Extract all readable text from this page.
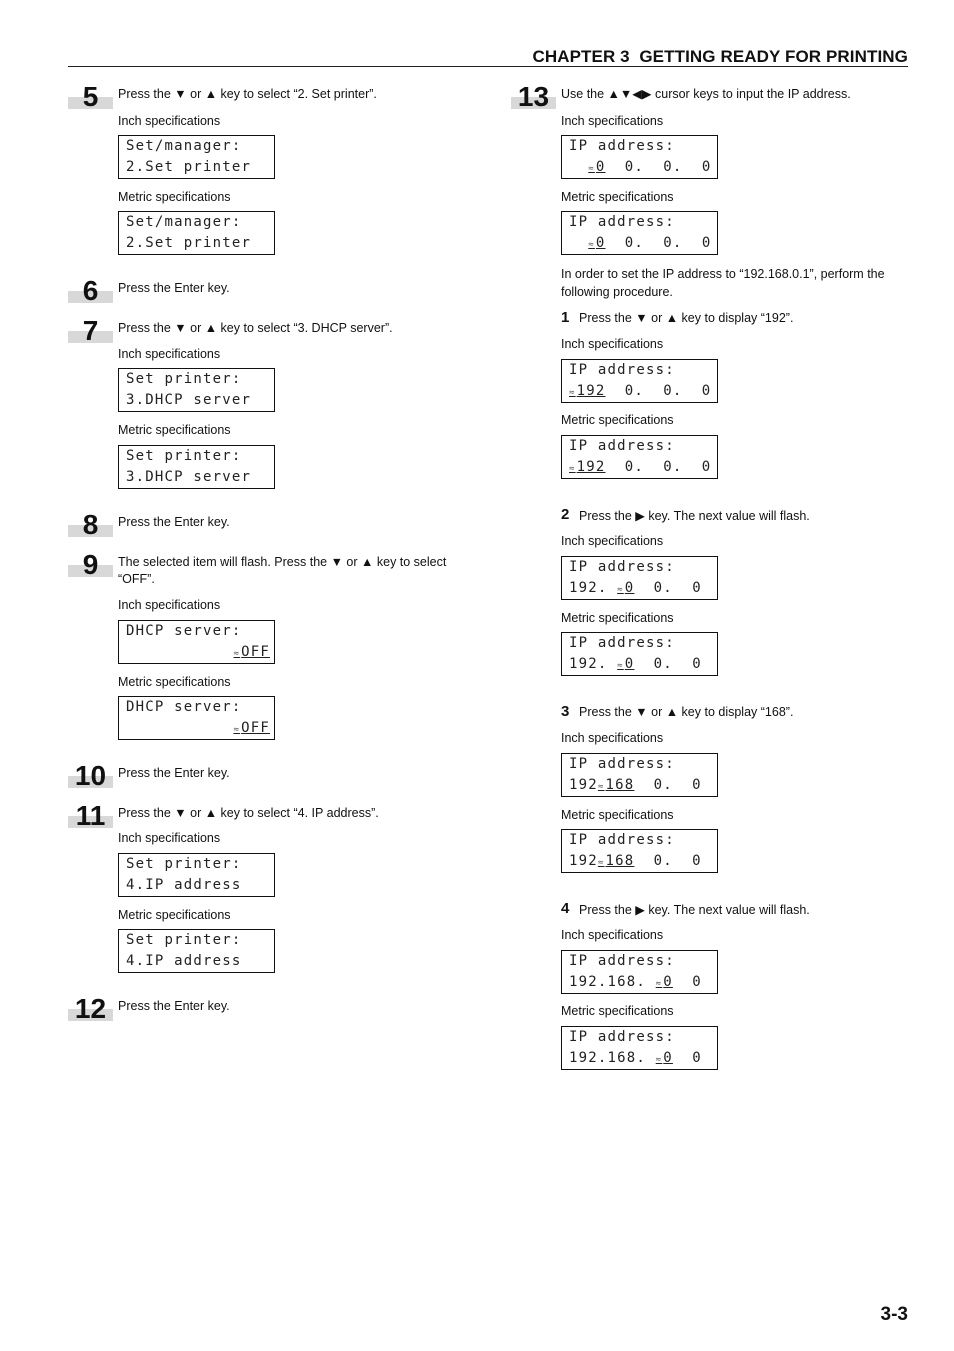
CHAPTER 3  GETTING READY FOR PRINTING
5	Press the ▼ or ▲ key to select “2. Set printer”.
Inch specifications
Set/manager:
2.Set printer
Metric specifications
Set/manager:
2.Set printer
6	Press the Enter key.
7	Press the ▼ or ▲ key to select “3. DHCP server”.
Inch specifications
Set printer:
3.DHCP server
Metric specifications
Set printer:
3.DHCP server
8	Press the Enter key.
9	The selected item will flash. Press the ▼ or ▲ key to select “OFF”.
Inch specifications
DHCP server:
≈ OFF
Metric specifications
DHCP server:
≈ OFF
10 Press the Enter key.
11	Press the ▼ or ▲ key to select “4. IP address”.
Inch specifications
Set printer:
4.IP address
Metric specifications
Set printer:
4.IP address
12 Press the Enter key.
13 Use the ▲▼◀▶ cursor keys to input the IP address.
Inch specifications
IP address:
≈ 0  0.  0.  0
Metric specifications
IP address:
≈ 0  0.  0.  0
In order to set the IP address to “192.168.0.1”, perform the following procedure.
1 Press the ▼ or ▲ key to display “192”.
Inch specifications
IP address:
≈ 192  0.  0.  0
Metric specifications
IP address:
≈ 192  0.  0.  0
2 Press the ▶ key. The next value will flash.
Inch specifications
IP address:
192. ≈ 0  0.  0
Metric specifications
IP address:
192. ≈ 0  0.  0
3 Press the ▼ or ▲ key to display “168”.
Inch specifications
IP address:
192 ≈ 168  0.  0
Metric specifications
IP address:
192 ≈ 168  0.  0
4 Press the ▶ key. The next value will flash.
Inch specifications
IP address:
192.168. ≈ 0  0
Metric specifications
IP address:
192.168. ≈ 0  0
3-3
